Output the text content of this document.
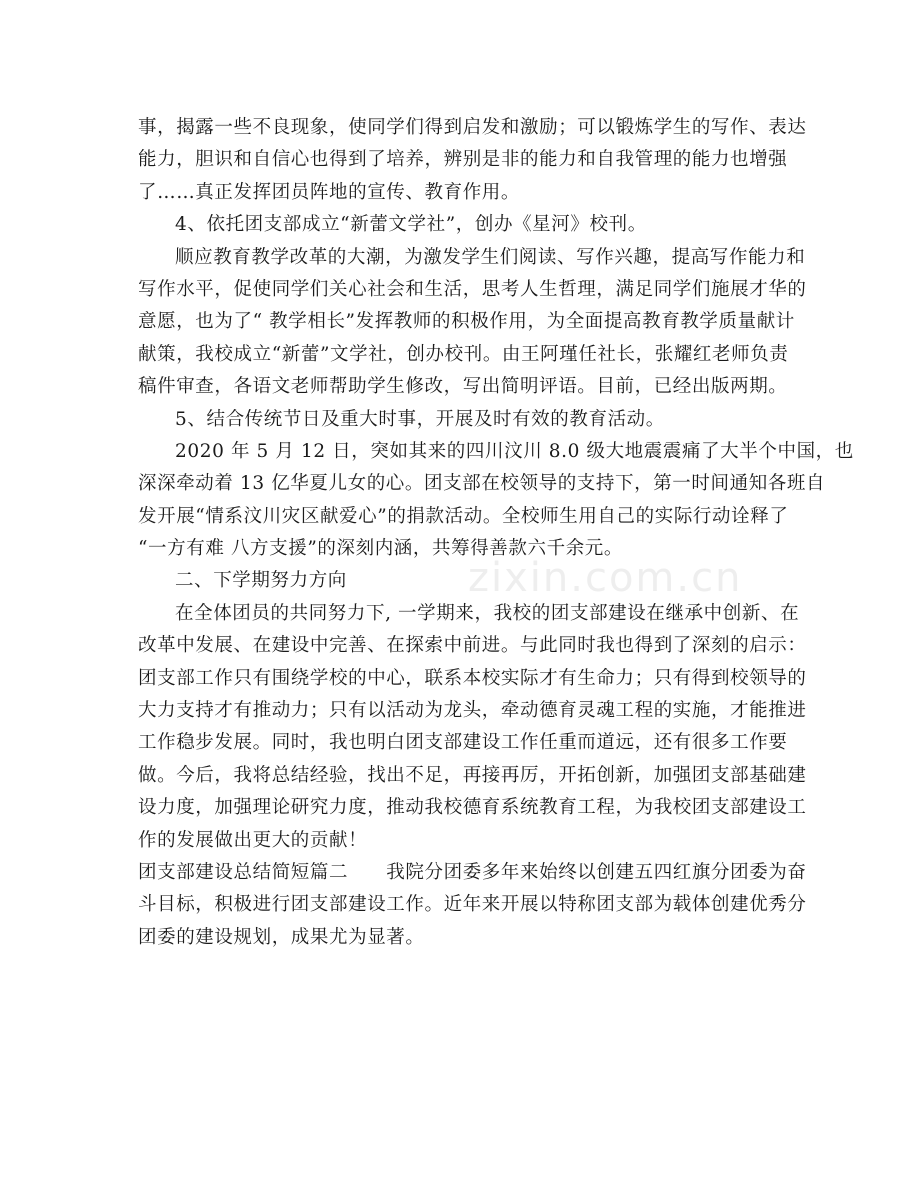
zixin.com.cn
事，揭露一些不良现象，使同学们得到启发和激励；可以锻炼学生的写作、表达
能力，胆识和自信心也得到了培养，辨别是非的能力和自我管理的能力也增强
了……真正发挥团员阵地的宣传、教育作用。
4、依托团支部成立“新蕾文学社”，创办《星河》校刊。
顺应教育教学改革的大潮，为激发学生们阅读、写作兴趣，提高写作能力和
写作水平，促使同学们关心社会和生活，思考人生哲理，满足同学们施展才华的
意愿，也为了“ 教学相长”发挥教师的积极作用，为全面提高教育教学质量献计
献策，我校成立“新蕾”文学社，创办校刊。由王阿瑾任社长，张耀红老师负责
稿件审查，各语文老师帮助学生修改，写出简明评语。目前，已经出版两期。
5、结合传统节日及重大时事，开展及时有效的教育活动。
2020 年 5 月 12 日，突如其来的四川汶川 8.0 级大地震震痛了大半个中国，也
深深牵动着 13 亿华夏儿女的心。团支部在校领导的支持下，第一时间通知各班自
发开展“情系汶川灾区献爱心”的捐款活动。全校师生用自己的实际行动诠释了
“一方有难 八方支援”的深刻内涵，共筹得善款六千余元。
二、下学期努力方向
在全体团员的共同努力下, 一学期来，我校的团支部建设在继承中创新、在
改革中发展、在建设中完善、在探索中前进。与此同时我也得到了深刻的启示：
团支部工作只有围绕学校的中心，联系本校实际才有生命力；只有得到校领导的
大力支持才有推动力；只有以活动为龙头，牵动德育灵魂工程的实施，才能推进
工作稳步发展。同时，我也明白团支部建设工作任重而道远，还有很多工作要
做。今后，我将总结经验，找出不足，再接再厉，开拓创新，加强团支部基础建
设力度，加强理论研究力度，推动我校德育系统教育工程，为我校团支部建设工
作的发展做出更大的贡献！
团支部建设总结简短篇二　　我院分团委多年来始终以创建五四红旗分团委为奋
斗目标，积极进行团支部建设工作。近年来开展以特称团支部为载体创建优秀分
团委的建设规划，成果尤为显著。
